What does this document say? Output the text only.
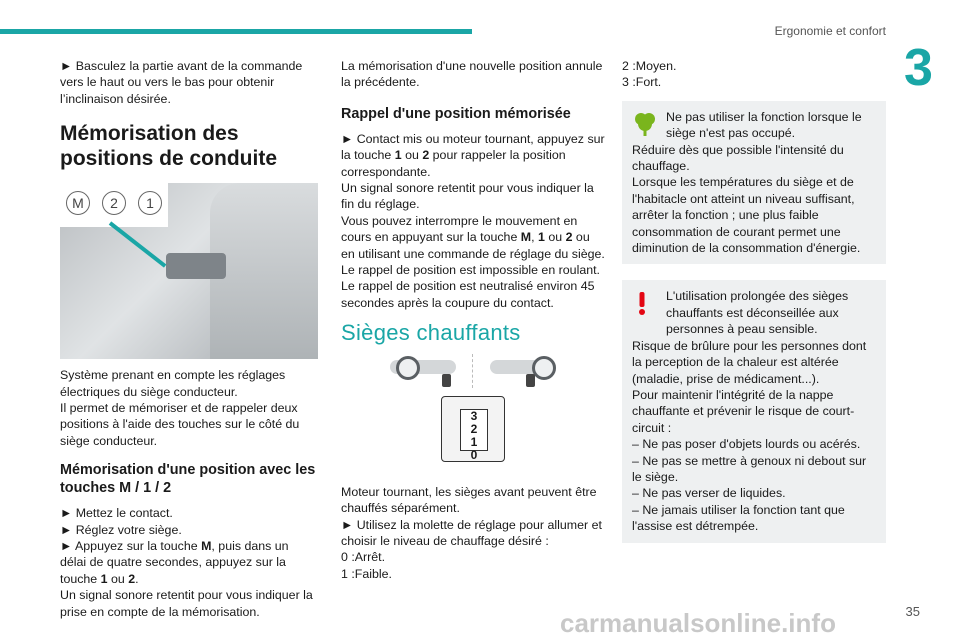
Ergonomie et confort
3

► Basculez la partie avant de la commande vers le haut ou vers le bas pour obtenir l’inclinaison désirée.

Mémorisation des positions de conduite
M	2	1

Système prenant en compte les réglages électriques du siège conducteur.

Il permet de mémoriser et de rappeler deux positions à l'aide des touches sur le côté du siège conducteur.

Mémorisation d'une position avec les touches M / 1 / 2

► Mettez le contact.

► Réglez votre siège.

► Appuyez sur la touche M, puis dans un délai de quatre secondes, appuyez sur la touche 1 ou 2.

Un signal sonore retentit pour vous indiquer la prise en compte de la mémorisation.

La mémorisation d'une nouvelle position annule la précédente.

Rappel d'une position mémorisée

► Contact mis ou moteur tournant, appuyez sur la touche 1 ou 2 pour rappeler la position correspondante.

Un signal sonore retentit pour vous indiquer la fin du réglage.

Vous pouvez interrompre le mouvement en cours en appuyant sur la touche M, 1 ou 2 ou en utilisant une commande de réglage du siège.

Le rappel de position est impossible en roulant.

Le rappel de position est neutralisé environ 45 secondes après la coupure du contact.

Sièges chauffants
3
2
1
0

Moteur tournant, les sièges avant peuvent être chauffés séparément.

► Utilisez la molette de réglage pour allumer et choisir le niveau de chauffage désiré :

0 :Arrêt.

1 :Faible.

2 :Moyen.

3 :Fort.

Ne pas utiliser la fonction lorsque le siège n'est pas occupé.

Réduire dès que possible l'intensité du chauffage.

Lorsque les températures du siège et de l'habitacle ont atteint un niveau suffisant, arrêter la fonction ; une plus faible consommation de courant permet une diminution de la consommation d'énergie.

L'utilisation prolongée des sièges chauffants est déconseillée aux personnes à peau sensible.

Risque de brûlure pour les personnes dont la perception de la chaleur est altérée (maladie, prise de médicament...).

Pour maintenir l'intégrité de la nappe chauffante et prévenir le risque de court-circuit :

– Ne pas poser d'objets lourds ou acérés.

– Ne pas se mettre à genoux ni debout sur le siège.

– Ne pas verser de liquides.

– Ne jamais utiliser la fonction tant que l'assise est détrempée.

35
carmanualsonline.info
